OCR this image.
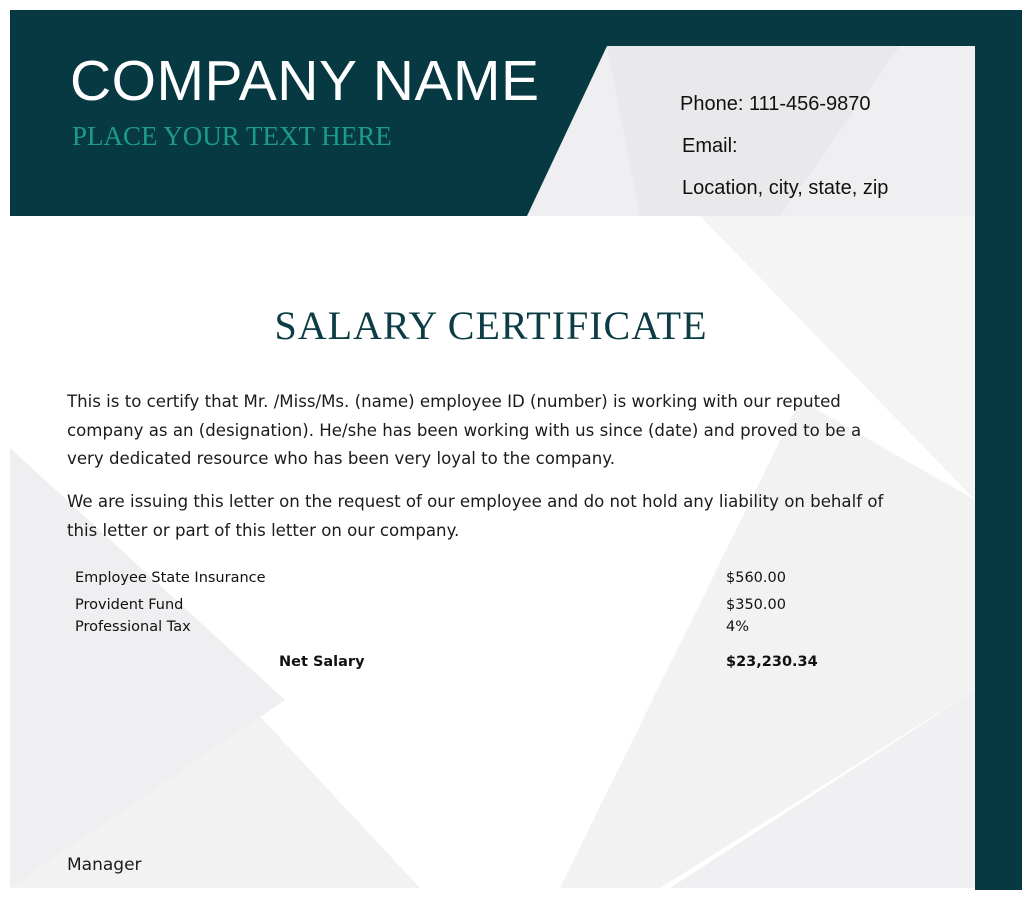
COMPANY NAME
PLACE YOUR TEXT HERE
Phone: 111-456-9870
Email:
Location, city, state, zip
SALARY CERTIFICATE
This is to certify that Mr. /Miss/Ms. (name) employee ID (number) is working with our reputed company as an (designation). He/she has been working with us since (date) and proved to be a very dedicated resource who has been very loyal to the company.
We are issuing this letter on the request of our employee and do not hold any liability on behalf of this letter or part of this letter on our company.
Employee State Insurance	$560.00
Provident Fund	$350.00
Professional Tax	4%
Net Salary	$23,230.34
Manager
